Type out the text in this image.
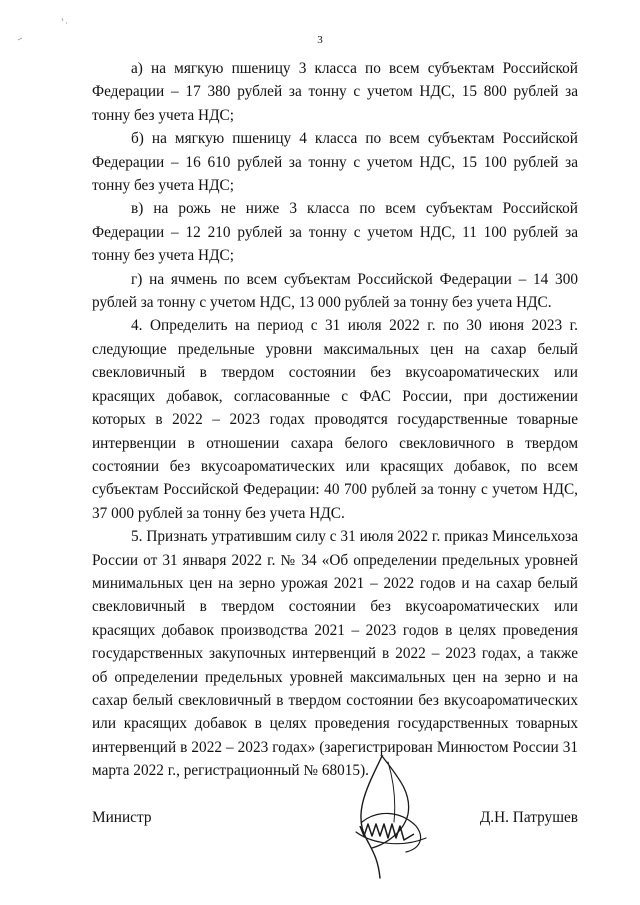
3

а) на мягкую пшеницу 3 класса по всем субъектам Российской Федерации – 17 380 рублей за тонну с учетом НДС, 15 800 рублей за тонну без учета НДС;

б) на мягкую пшеницу 4 класса по всем субъектам Российской Федерации – 16 610 рублей за тонну с учетом НДС, 15 100 рублей за тонну без учета НДС;

в) на рожь не ниже 3 класса по всем субъектам Российской Федерации – 12 210 рублей за тонну с учетом НДС, 11 100 рублей за тонну без учета НДС;

г) на ячмень по всем субъектам Российской Федерации – 14 300 рублей за тонну с учетом НДС, 13 000 рублей за тонну без учета НДС.

4. Определить на период с 31 июля 2022 г. по 30 июня 2023 г. следующие предельные уровни максимальных цен на сахар белый свекловичный в твердом состоянии без вкусоароматических или красящих добавок, согласованные с ФАС России, при достижении которых в 2022 – 2023 годах проводятся государственные товарные интервенции в отношении сахара белого свекловичного в твердом состоянии без вкусоароматических или красящих добавок, по всем субъектам Российской Федерации: 40 700 рублей за тонну с учетом НДС, 37 000 рублей за тонну без учета НДС.

5. Признать утратившим силу с 31 июля 2022 г. приказ Минсельхоза России от 31 января 2022 г. № 34 «Об определении предельных уровней минимальных цен на зерно урожая 2021 – 2022 годов и на сахар белый свекловичный в твердом состоянии без вкусоароматических или красящих добавок производства 2021 – 2023 годов в целях проведения государственных закупочных интервенций в 2022 – 2023 годах, а также об определении предельных уровней максимальных цен на зерно и на сахар белый свекловичный в твердом состоянии без вкусоароматических или красящих добавок в целях проведения государственных товарных интервенций в 2022 – 2023 годах» (зарегистрирован Минюстом России 31 марта 2022 г., регистрационный № 68015).

Министр	Д.Н. Патрушев
